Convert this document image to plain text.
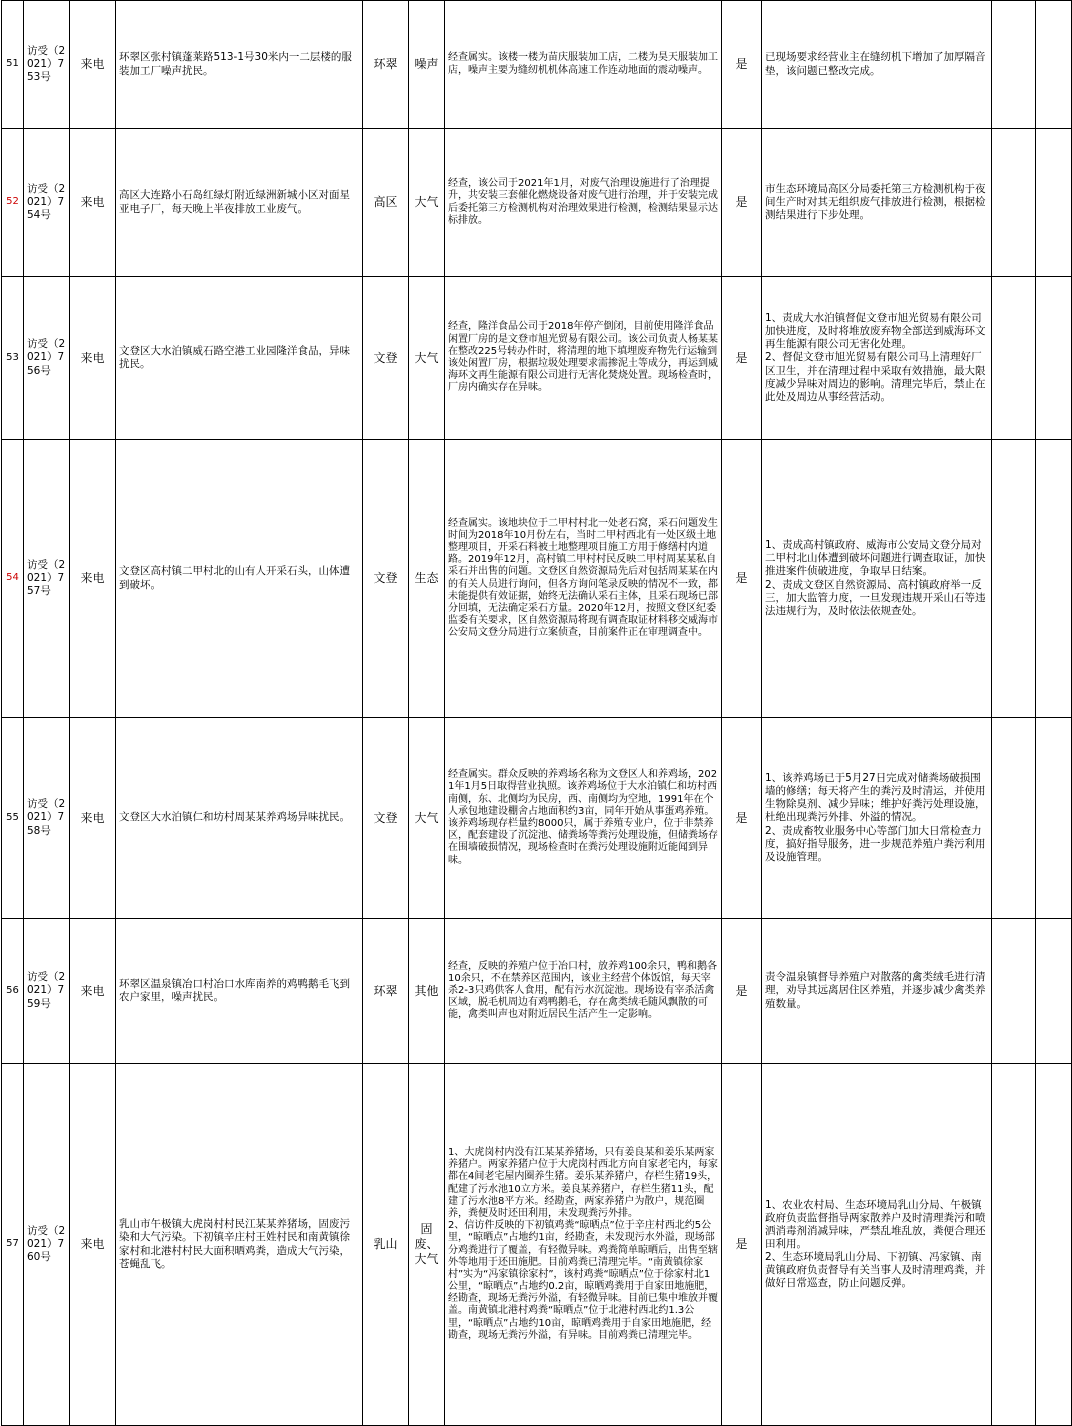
51	访受（2021）753号	来电	环翠区张村镇蓬莱路513-1号30米内一二层楼的服装加工厂噪声扰民。	环翠	噪声	经查属实。该楼一楼为苗庆服装加工店，二楼为昊天服装加工店，噪声主要为缝纫机机体高速工作连动地面的震动噪声。	是	已现场要求经营业主在缝纫机下增加了加厚隔音垫，该问题已整改完成。		
52	访受（2021）754号	来电	高区大连路小石岛红绿灯附近绿洲新城小区对面星亚电子厂，每天晚上半夜排放工业废气。	高区	大气	经查，该公司于2021年1月，对废气治理设施进行了治理提升，共安装三套催化燃烧设备对废气进行治理，并于安装完成后委托第三方检测机构对治理效果进行检测，检测结果显示达标排放。	是	市生态环境局高区分局委托第三方检测机构于夜间生产时对其无组织废气排放进行检测，根据检测结果进行下步处理。		
53	访受（2021）756号	来电	文登区大水泊镇威石路空港工业园隆洋食品，异味扰民。	文登	大气	经查，隆洋食品公司于2018年停产倒闭，目前使用隆洋食品闲置厂房的是文登市旭光贸易有限公司。该公司负责人杨某某在整改225号转办件时，将清理的地下填埋废弃物先行运输到该处闲置厂房，根据垃圾处理要求需掺泥土等成分，再运到威海环文再生能源有限公司进行无害化焚烧处置。现场检查时，厂房内确实存在异味。	是	1、责成大水泊镇督促文登市旭光贸易有限公司加快进度，及时将堆放废弃物全部送到威海环文再生能源有限公司无害化处理。
2、督促文登市旭光贸易有限公司马上清理好厂区卫生，并在清理过程中采取有效措施，最大限度减少异味对周边的影响。清理完毕后，禁止在此处及周边从事经营活动。		
54	访受（2021）757号	来电	文登区高村镇二甲村北的山有人开采石头，山体遭到破坏。	文登	生态	经查属实。该地块位于二甲村村北一处老石窝，采石问题发生时间为2018年10月份左右，当时二甲村西北有一处区级土地整理项目，开采石料被土地整理项目施工方用于修缮村内道路。2019年12月，高村镇二甲村村民反映二甲村周某某私自采石并出售的问题。文登区自然资源局先后对包括周某某在内的有关人员进行询问，但各方询问笔录反映的情况不一致，都未能提供有效证据，始终无法确认采石主体，且采石现场已部分回填，无法确定采石方量。2020年12月，按照文登区纪委监委有关要求，区自然资源局将现有调查取证材料移交威海市公安局文登分局进行立案侦查，目前案件正在审理调查中。	是	1、责成高村镇政府、威海市公安局文登分局对二甲村北山体遭到破坏问题进行调查取证，加快推进案件侦破进度，争取早日结案。
2、责成文登区自然资源局、高村镇政府举一反三，加大监管力度，一旦发现违规开采山石等违法违规行为，及时依法依规查处。		
55	访受（2021）758号	来电	文登区大水泊镇仁和坊村周某某养鸡场异味扰民。	文登	大气	经查属实。群众反映的养鸡场名称为文登区人和养鸡场，2021年1月5日取得营业执照。该养鸡场位于大水泊镇仁和坊村西南侧，东、北侧均为民房，西、南侧均为空地，1991年在个人承包地建设棚舍占地面积约3亩，同年开始从事蛋鸡养殖。该养鸡场现存栏量约8000只，属于养殖专业户，位于非禁养区，配套建设了沉淀池、储粪场等粪污处理设施，但储粪场存在围墙破损情况，现场检查时在粪污处理设施附近能闻到异味。	是	1、该养鸡场已于5月27日完成对储粪场破损围墙的修缮；每天将产生的粪污及时清运，并使用生物除臭剂、减少异味；维护好粪污处理设施，杜绝出现粪污外排、外溢的情况。
2、责成畜牧业服务中心等部门加大日常检查力度，搞好指导服务，进一步规范养殖户粪污利用及设施管理。		
56	访受（2021）759号	来电	环翠区温泉镇冶口村冶口水库南养的鸡鸭鹅毛飞到农户家里，噪声扰民。	环翠	其他	经查，反映的养殖户位于冶口村，放养鸡100余只，鸭和鹅各10余只，不在禁养区范围内，该业主经营个体饭馆，每天宰杀2-3只鸡供客人食用，配有污水沉淀池。现场设有宰杀活禽区域，脱毛机周边有鸡鸭鹅毛，存在禽类绒毛随风飘散的可能，禽类叫声也对附近居民生活产生一定影响。	是	责令温泉镇督导养殖户对散落的禽类绒毛进行清理，劝导其远离居住区养殖，并逐步减少禽类养殖数量。		
57	访受（2021）760号	来电	乳山市午极镇大虎岗村村民江某某养猪场，固废污染和大气污染。下初镇辛庄村王姓村民和南黄镇徐家村和北港村村民大面积晒鸡粪，造成大气污染，苍蝇乱飞。	乳山	固废、大气	1、大虎岗村内没有江某某养猪场，只有姜良某和姜乐某两家养猪户。两家养猪户位于大虎岗村西北方向自家老宅内，每家都在4间老宅屋内圈养生猪。姜乐某养猪户，存栏生猪19头，配建了污水池10立方米。姜良某养猪户，存栏生猪11头，配建了污水池8平方米。经勘查，两家养猪户为散户，规范圈养，粪便及时还田利用，未发现粪污外排。
2、信访件反映的下初镇鸡粪“晾晒点”位于辛庄村西北约5公里，“晾晒点”占地约1亩，经勘查，未发现污水外溢，现场部分鸡粪进行了覆盖，有轻微异味。鸡粪简单晾晒后，出售至辖外等地用于还田施肥。目前鸡粪已清理完毕。“南黄镇徐家村”实为“冯家镇徐家村”，该村鸡粪“晾晒点”位于徐家村北1公里，“晾晒点”占地约0.2亩，晾晒鸡粪用于自家田地施肥，经勘查，现场无粪污外溢，有轻微异味。目前已集中堆放并覆盖。南黄镇北港村鸡粪“晾晒点”位于北港村西北约1.3公里，“晾晒点”占地约10亩，晾晒鸡粪用于自家田地施肥，经勘查，现场无粪污外溢，有异味。目前鸡粪已清理完毕。	是	1、农业农村局、生态环境局乳山分局、午极镇政府负责监督指导两家散养户及时清理粪污和喷洒消毒剂消减异味，严禁乱堆乱放，粪便合理还田利用。
2、生态环境局乳山分局、下初镇、冯家镇、南黄镇政府负责督导有关当事人及时清理鸡粪，并做好日常巡查，防止问题反弹。		
